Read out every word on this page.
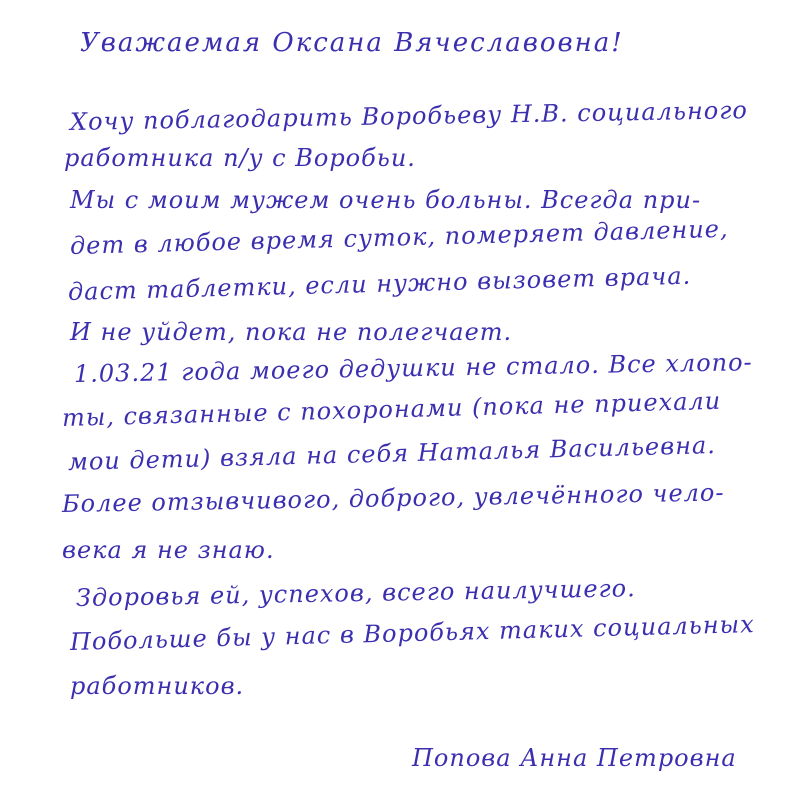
Уважаемая Оксана Вячеславовна!
Хочу поблагодарить Воробьеву Н.В. социального
работника п/у с Воробьи.
Мы с моим мужем очень больны. Всегда при-
дет в любое время суток, померяет давление,
даст таблетки, если нужно вызовет врача.
И не уйдет, пока не полегчает.
1.03.21 года моего дедушки не стало. Все хлопо-
ты, связанные с похоронами (пока не приехали
мои дети) взяла на себя Наталья Васильевна.
Более отзывчивого, доброго, увлечённого чело-
века я не знаю.
Здоровья ей, успехов, всего наилучшего.
Побольше бы у нас в Воробьях таких социальных
работников.
Попова Анна Петровна
